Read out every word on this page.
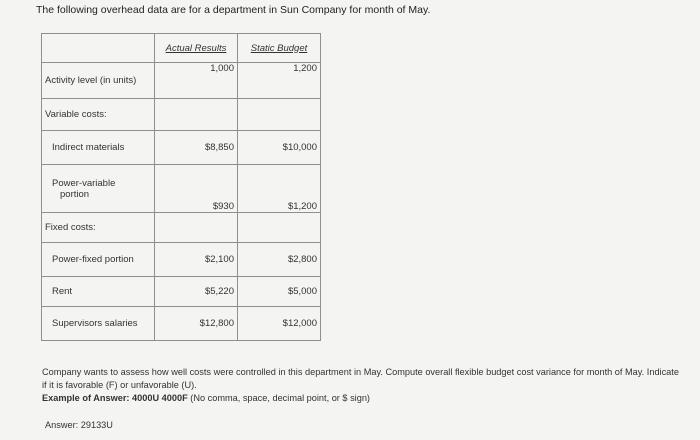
The following overhead data are for a department in Sun Company for month of May.
	Actual Results	Static Budget
Activity level (in units)	1,000	1,200
Variable costs:		
Indirect materials	$8,850	$10,000

Power-variable
portion	$930	$1,200
Fixed costs:		
Power-fixed portion	$2,100	$2,800
Rent	$5,220	$5,000
Supervisors salaries	$12,800	$12,000
Company wants to assess how well costs were controlled in this department in May. Compute overall flexible budget cost variance for month of May. Indicate if it is favorable (F) or unfavorable (U).
Example of Answer: 4000U 4000F (No comma, space, decimal point, or $ sign)
Answer: 29133U
